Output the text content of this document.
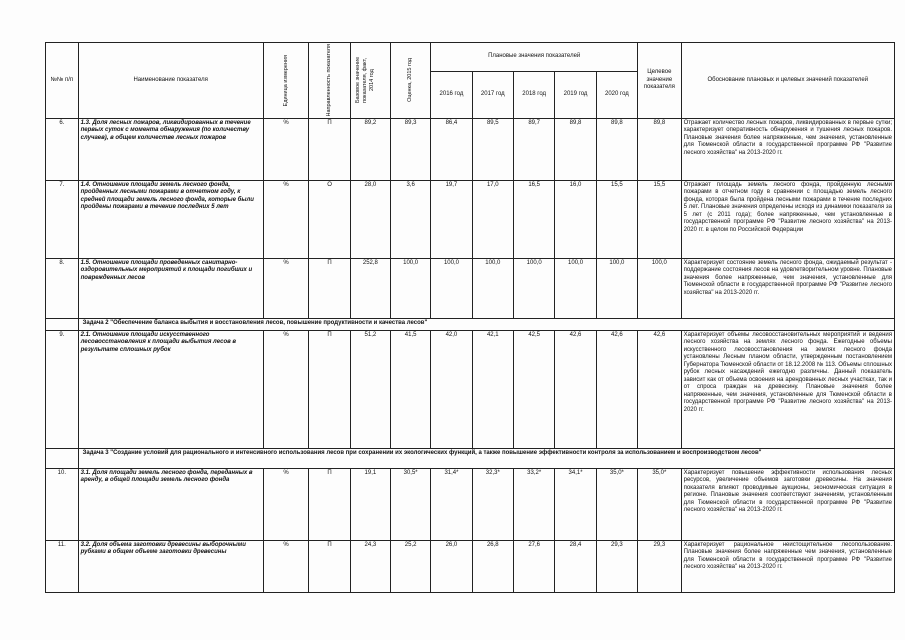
№№ п/п	Наименование показателя	Единица измерения	Направленность показателя	Базовое значение показателя, факт, 2014 год	Оценка, 2015 год	Плановые значения показателей					Целевое значение показателя	Обоснование плановых и целевых значений показателей
						2016 год	2017 год	2018 год	2019 год	2020 год		
6.	1.3. Доля лесных пожаров, ликвидированных в течение первых суток с момента обнаружения (по количеству случаев), в общем количестве лесных пожаров	%	П	89,2	89,3	86,4	89,5	89,7	89,8	89,8	89,8	Отражает количество лесных пожаров, ликвидированных в первые сутки; характеризует оперативность обнаружения и тушения лесных пожаров. Плановые значения более напряженные, чем значения, установленные для Тюменской области в государственной программе РФ "Развитие лесного хозяйства" на 2013-2020 гг.
7.	1.4. Отношение площади земель лесного фонда, пройденных лесными пожарами в отчетном году, к средней площади земель лесного фонда, которые были пройдены пожарами в течение последних 5 лет	%	О	28,0	3,6	19,7	17,0	16,5	16,0	15,5	15,5	Отражает площадь земель лесного фонда, пройденную лесными пожарами в отчетном году в сравнении с площадью земель лесного фонда, которая была пройдена лесными пожарами в течение последних 5 лет. Плановые значения определены исходя из динамики показателя за 5 лет (с 2011 года); более напряженные, чем установленные в государственной программе РФ "Развитие лесного хозяйства" на 2013-2020 гг. в целом по Российской Федерации
8.	1.5. Отношение площади проведенных санитарно-оздоровительных мероприятий к площади погибших и поврежденных лесов	%	П	252,8	100,0	100,0	100,0	100,0	100,0	100,0	100,0	Характеризует состояние земель лесного фонда, ожидаемый результат - поддержание состояния лесов на удовлетворительном уровне. Плановые значения более напряженные, чем значения, установленные для Тюменской области в государственной программе РФ "Развитие лесного хозяйства" на 2013-2020 гг.
	Задача 2 "Обеспечение баланса выбытия и восстановления лесов, повышение продуктивности и качества лесов"											
9.	2.1. Отношение площади искусственного лесовосстановления к площади выбытия лесов в результате сплошных рубок	%	П	51,2	41,5	42,0	42,1	42,5	42,6	42,6	42,6	Характеризует объемы лесовосстановительных мероприятий и ведения лесного хозяйства на землях лесного фонда. Ежегодные объемы искусственного лесовосстановления на землях лесного фонда установлены Лесным планом области, утвержденным постановлением Губернатора Тюменской области от 18.12.2008 № 113. Объемы сплошных рубок лесных насаждений ежегодно различны. Данный показатель зависит как от объема освоения на арендованных лесных участках, так и от спроса граждан на древесину. Плановые значения более напряженные, чем значения, установленные для Тюменской области в государственной программе РФ "Развитие лесного хозяйства" на 2013-2020 гг.
	Задача 3 "Создание условий для рационального и интенсивного использования лесов при сохранении их экологических функций, а также повышение эффективности контроля за использованием и воспроизводством лесов"											
10.	3.1. Доля площади земель лесного фонда, переданных в аренду, в общей площади земель лесного фонда	%	П	19,1	30,5*	31,4*	32,3*	33,2*	34,1*	35,0*	35,0*	Характеризует повышение эффективности использования лесных ресурсов, увеличение объемов заготовки древесины. На значения показателя влияют проводимые аукционы, экономическая ситуация в регионе. Плановые значения соответствуют значениям, установленным для Тюменской области в государственной программе РФ "Развитие лесного хозяйства" на 2013-2020 гг.
11.	3.2. Доля объема заготовки древесины выборочными рубками в общем объеме заготовки древесины	%	П	24,3	25,2	26,0	26,8	27,6	28,4	29,3	29,3	Характеризует рациональное неистощительное лесопользование. Плановые значения более напряженные чем значения, установленные для Тюменской области в государственной программе РФ "Развитие лесного хозяйства" на 2013-2020 гг.
